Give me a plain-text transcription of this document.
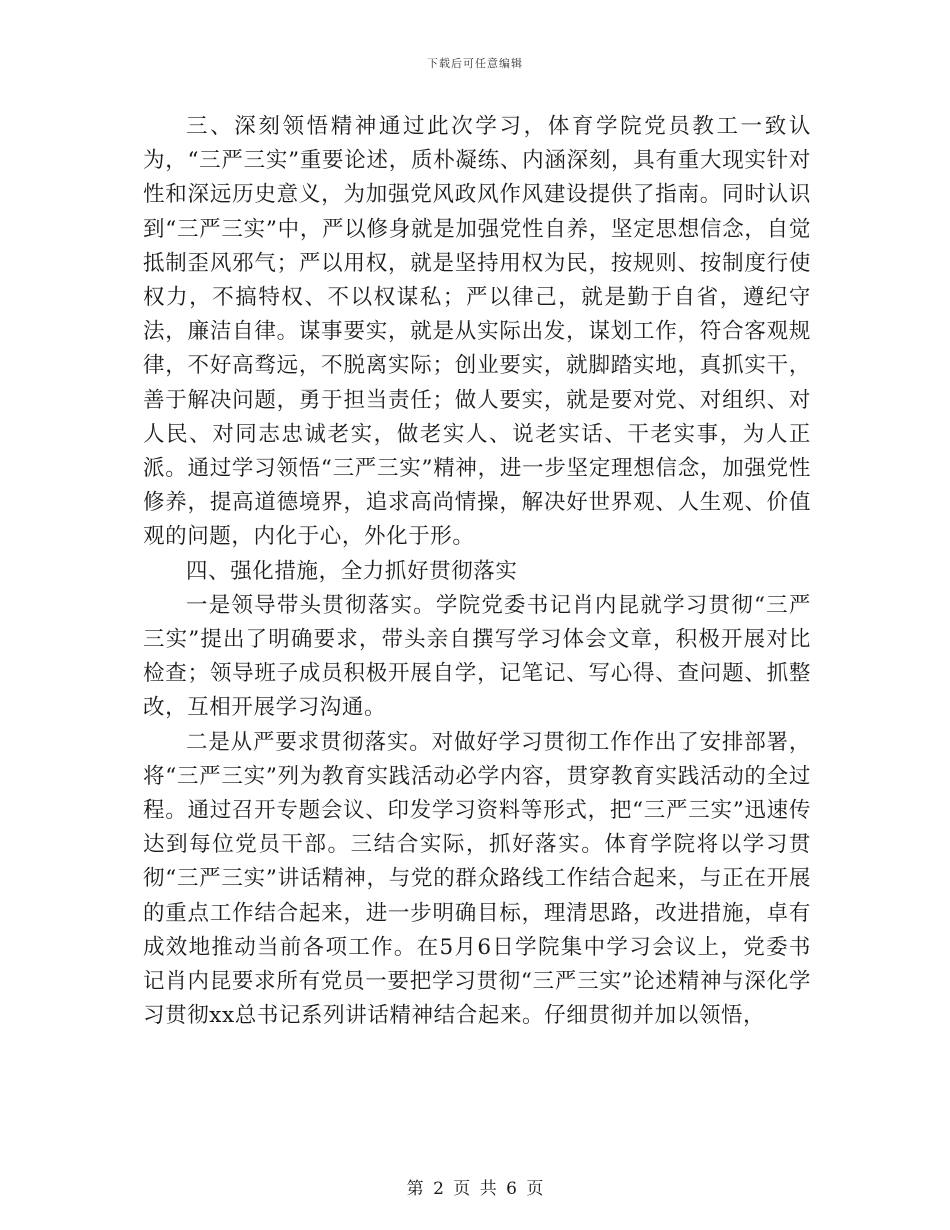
下载后可任意编辑

三、深刻领悟精神通过此次学习，体育学院党员教工一致认为，“三严三实”重要论述，质朴凝练、内涵深刻，具有重大现实针对性和深远历史意义，为加强党风政风作风建设提供了指南。同时认识到“三严三实”中，严以修身就是加强党性自养，坚定思想信念，自觉抵制歪风邪气；严以用权，就是坚持用权为民，按规则、按制度行使权力，不搞特权、不以权谋私；严以律己，就是勤于自省，遵纪守法，廉洁自律。谋事要实，就是从实际出发，谋划工作，符合客观规律，不好高骛远，不脱离实际；创业要实，就脚踏实地，真抓实干，善于解决问题，勇于担当责任；做人要实，就是要对党、对组织、对人民、对同志忠诚老实，做老实人、说老实话、干老实事，为人正派。通过学习领悟“三严三实”精神，进一步坚定理想信念，加强党性修养，提高道德境界，追求高尚情操，解决好世界观、人生观、价值观的问题，内化于心，外化于形。

四、强化措施，全力抓好贯彻落实

一是领导带头贯彻落实。学院党委书记肖内昆就学习贯彻“三严三实”提出了明确要求，带头亲自撰写学习体会文章，积极开展对比检查；领导班子成员积极开展自学，记笔记、写心得、查问题、抓整改，互相开展学习沟通。

二是从严要求贯彻落实。对做好学习贯彻工作作出了安排部署，将“三严三实”列为教育实践活动必学内容，贯穿教育实践活动的全过程。通过召开专题会议、印发学习资料等形式，把“三严三实”迅速传达到每位党员干部。三结合实际，抓好落实。体育学院将以学习贯彻“三严三实”讲话精神，与党的群众路线工作结合起来，与正在开展的重点工作结合起来，进一步明确目标，理清思路，改进措施，卓有成效地推动当前各项工作。在5月6日学院集中学习会议上，党委书记肖内昆要求所有党员一要把学习贯彻“三严三实”论述精神与深化学习贯彻xx总书记系列讲话精神结合起来。仔细贯彻并加以领悟，

第 2 页 共 6 页
